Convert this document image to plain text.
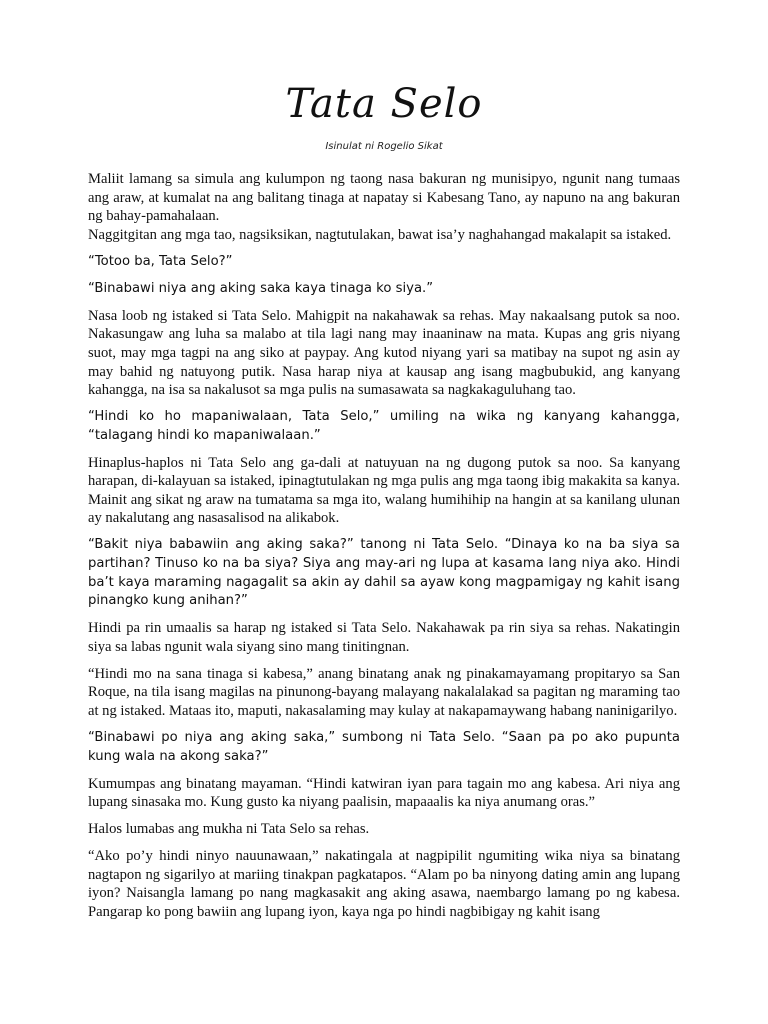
Tata Selo
Isinulat ni Rogelio Sikat

Maliit lamang sa simula ang kulumpon ng taong nasa bakuran ng munisipyo, ngunit nang tumaas ang araw, at kumalat na ang balitang tinaga at napatay si Kabesang Tano, ay napuno na ang bakuran ng bahay-pamahalaan.

Naggitgitan ang mga tao, nagsiksikan, nagtutulakan, bawat isa’y naghahangad makalapit sa istaked.

“Totoo ba, Tata Selo?”

“Binabawi niya ang aking saka kaya tinaga ko siya.”

Nasa loob ng istaked si Tata Selo. Mahigpit na nakahawak sa rehas. May nakaalsang putok sa noo. Nakasungaw ang luha sa malabo at tila lagi nang may inaaninaw na mata. Kupas ang gris niyang suot, may mga tagpi na ang siko at paypay. Ang kutod niyang yari sa matibay na supot ng asin ay may bahid ng natuyong putik. Nasa harap niya at kausap ang isang magbubukid, ang kanyang kahangga, na isa sa nakalusot sa mga pulis na sumasawata sa nagkakaguluhang tao.

“Hindi ko ho mapaniwalaan, Tata Selo,” umiling na wika ng kanyang kahangga, “talagang hindi ko mapaniwalaan.”

Hinaplus-haplos ni Tata Selo ang ga-dali at natuyuan na ng dugong putok sa noo. Sa kanyang harapan, di-kalayuan sa istaked, ipinagtutulakan ng mga pulis ang mga taong ibig makakita sa kanya. Mainit ang sikat ng araw na tumatama sa mga ito, walang humihihip na hangin at sa kanilang ulunan ay nakalutang ang nasasalisod na alikabok.

“Bakit niya babawiin ang aking saka?” tanong ni Tata Selo. “Dinaya ko na ba siya sa partihan? Tinuso ko na ba siya? Siya ang may-ari ng lupa at kasama lang niya ako. Hindi ba’t kaya maraming nagagalit sa akin ay dahil sa ayaw kong magpamigay ng kahit isang pinangko kung anihan?”

Hindi pa rin umaalis sa harap ng istaked si Tata Selo. Nakahawak pa rin siya sa rehas. Nakatingin siya sa labas ngunit wala siyang sino mang tinitingnan.

“Hindi mo na sana tinaga si kabesa,” anang binatang anak ng pinakamayamang propitaryo sa San Roque, na tila isang magilas na pinunong-bayang malayang nakalalakad sa pagitan ng maraming tao at ng istaked. Mataas ito, maputi, nakasalaming may kulay at nakapamaywang habang naninigarilyo.

“Binabawi po niya ang aking saka,” sumbong ni Tata Selo. “Saan pa po ako pupunta kung wala na akong saka?”

Kumumpas ang binatang mayaman. “Hindi katwiran iyan para tagain mo ang kabesa. Ari niya ang lupang sinasaka mo. Kung gusto ka niyang paalisin, mapaaalis ka niya anumang oras.”

Halos lumabas ang mukha ni Tata Selo sa rehas.

“Ako po’y hindi ninyo nauunawaan,” nakatingala at nagpipilit ngumiting wika niya sa binatang nagtapon ng sigarilyo at mariing tinakpan pagkatapos. “Alam po ba ninyong dating amin ang lupang iyon? Naisangla lamang po nang magkasakit ang aking asawa, naembargo lamang po ng kabesa. Pangarap ko pong bawiin ang lupang iyon, kaya nga po hindi nagbibigay ng kahit isang
